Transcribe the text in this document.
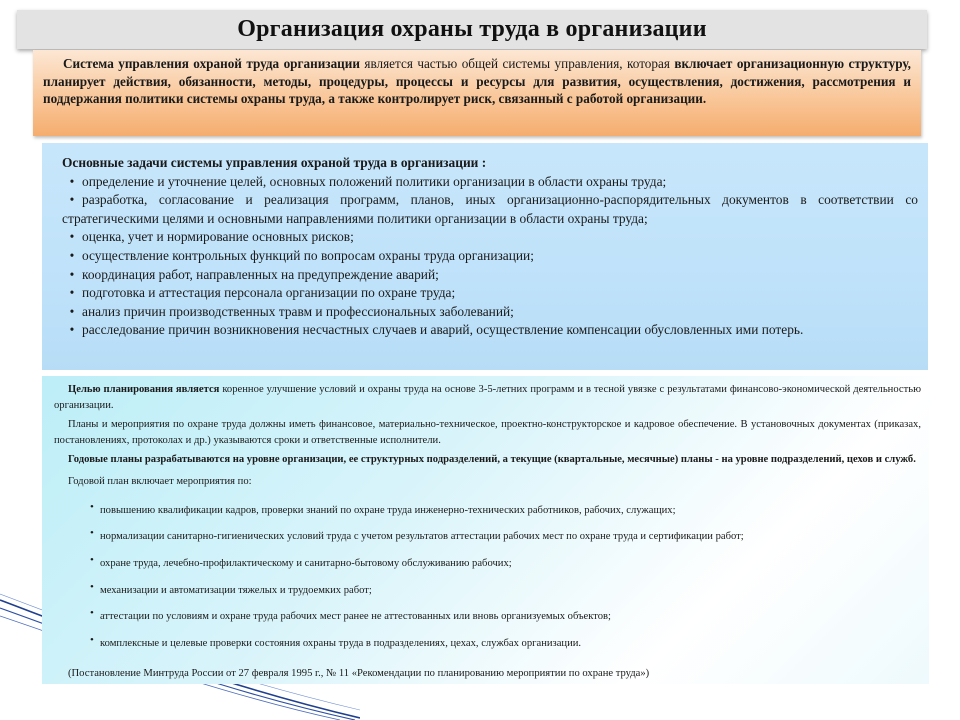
Организация охраны труда в организации

Система управления охраной труда организации является частью общей системы управления, которая включает организационную структуру, планирует действия, обязанности, методы, процедуры, процессы и ресурсы для развития, осуществления, достижения, рассмотрения и поддержания политики системы охраны труда, а также контролирует риск, связанный с работой организации.

Основные задачи системы управления охраной труда в организации :
• определение и уточнение целей, основных положений политики организации в области охраны труда;
• разработка, согласование и реализация программ, планов, иных организационно-распорядительных документов в соответствии со стратегическими целями и основными направлениями политики организации в области охраны труда;
• оценка, учет и нормирование основных рисков;
• осуществление контрольных функций по вопросам охраны труда организации;
• координация работ, направленных на предупреждение аварий;
• подготовка и аттестация персонала организации по охране труда;
• анализ причин производственных травм и профессиональных заболеваний;
• расследование причин возникновения несчастных случаев и аварий, осуществление компенсации обусловленных ими потерь.

Целью планирования является коренное улучшение условий и охраны труда на основе 3-5-летних программ и в тесной увязке с результатами финансово-экономической деятельностью организации.

Планы и мероприятия по охране труда должны иметь финансовое, материально-техническое, проектно-конструкторское и кадровое обеспечение. В установочных документах (приказах, постановлениях, протоколах и др.) указываются сроки и ответственные исполнители.

Годовые планы разрабатываются на уровне организации, ее структурных подразделений, а текущие (квартальные, месячные) планы - на уровне подразделений, цехов и служб.

Годовой план включает мероприятия по:

• повышению квалификации кадров, проверки знаний по охране труда инженерно-технических работников, рабочих, служащих;
• нормализации санитарно-гигиенических условий труда с учетом результатов аттестации рабочих мест по охране труда и сертификации работ;
• охране труда, лечебно-профилактическому и санитарно-бытовому обслуживанию рабочих;
• механизации и автоматизации тяжелых и трудоемких работ;
• аттестации по условиям и охране труда рабочих мест ранее не аттестованных или вновь организуемых объектов;
• комплексные и целевые проверки состояния охраны труда в подразделениях, цехах, службах организации.

(Постановление Минтруда России от 27 февраля 1995 г., № 11 «Рекомендации по планированию мероприятии по охране труда»)
